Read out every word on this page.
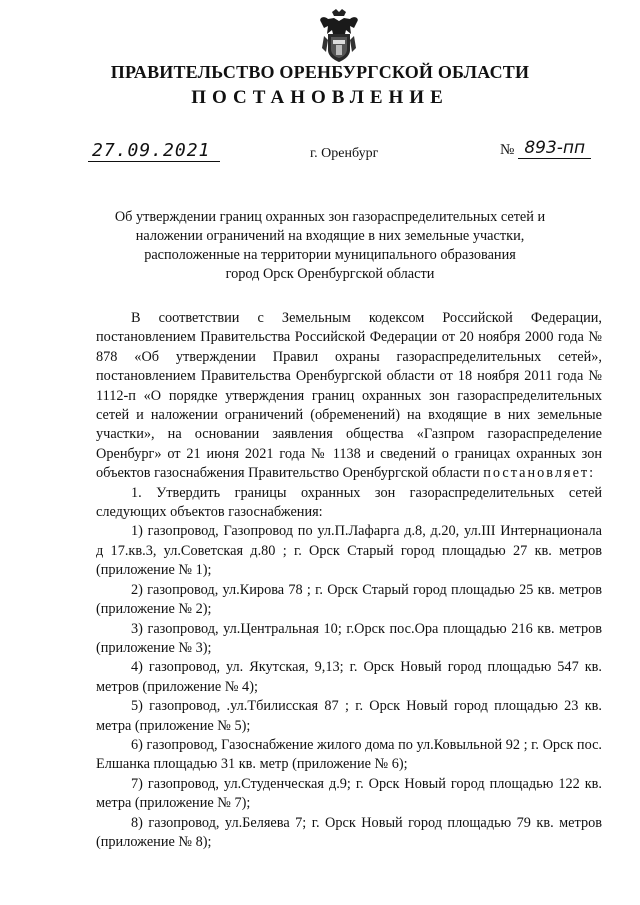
ПРАВИТЕЛЬСТВО ОРЕНБУРГСКОЙ ОБЛАСТИ
ПОСТАНОВЛЕНИЕ
27.09.2021	г. Оренбург	№ 893-пп
Об утверждении границ охранных зон газораспределительных сетей и
наложении ограничений на входящие в них земельные участки,
расположенные на территории муниципального образования
город Орск Оренбургской области

В соответствии с Земельным кодексом Российской Федерации, постановлением Правительства Российской Федерации от 20 ноября 2000 года № 878 «Об утверждении Правил охраны газораспределительных сетей», постановлением Правительства Оренбургской области от 18 ноября 2011 года № 1112-п «О порядке утверждения границ охранных зон газораспределительных сетей и наложении ограничений (обременений) на входящие в них земельные участки», на основании заявления общества «Газпром газораспределение Оренбург» от 21 июня 2021 года № 1138 и сведений о границах охранных зон объектов газоснабжения Правительство Оренбургской области постановляет:

1. Утвердить границы охранных зон газораспределительных сетей следующих объектов газоснабжения:

1) газопровод, Газопровод по ул.П.Лафарга д.8, д.20, ул.III Интернационала д 17.кв.3, ул.Советская д.80 ; г. Орск Старый город площадью 27 кв. метров (приложение № 1);

2) газопровод, ул.Кирова 78 ; г. Орск Старый город площадью 25 кв. метров (приложение № 2);

3) газопровод, ул.Центральная 10; г.Орск пос.Ора площадью 216 кв. метров (приложение № 3);

4) газопровод, ул. Якутская, 9,13; г. Орск Новый город площадью 547 кв. метров (приложение № 4);

5) газопровод, .ул.Тбилисская 87 ; г. Орск Новый город площадью 23 кв. метра (приложение № 5);

6) газопровод, Газоснабжение жилого дома по ул.Ковыльной 92 ; г. Орск пос. Елшанка площадью 31 кв. метр (приложение № 6);

7) газопровод, ул.Студенческая д.9; г. Орск Новый город площадью 122 кв. метра (приложение № 7);

8) газопровод, ул.Беляева 7; г. Орск Новый город площадью 79 кв. метров (приложение № 8);
